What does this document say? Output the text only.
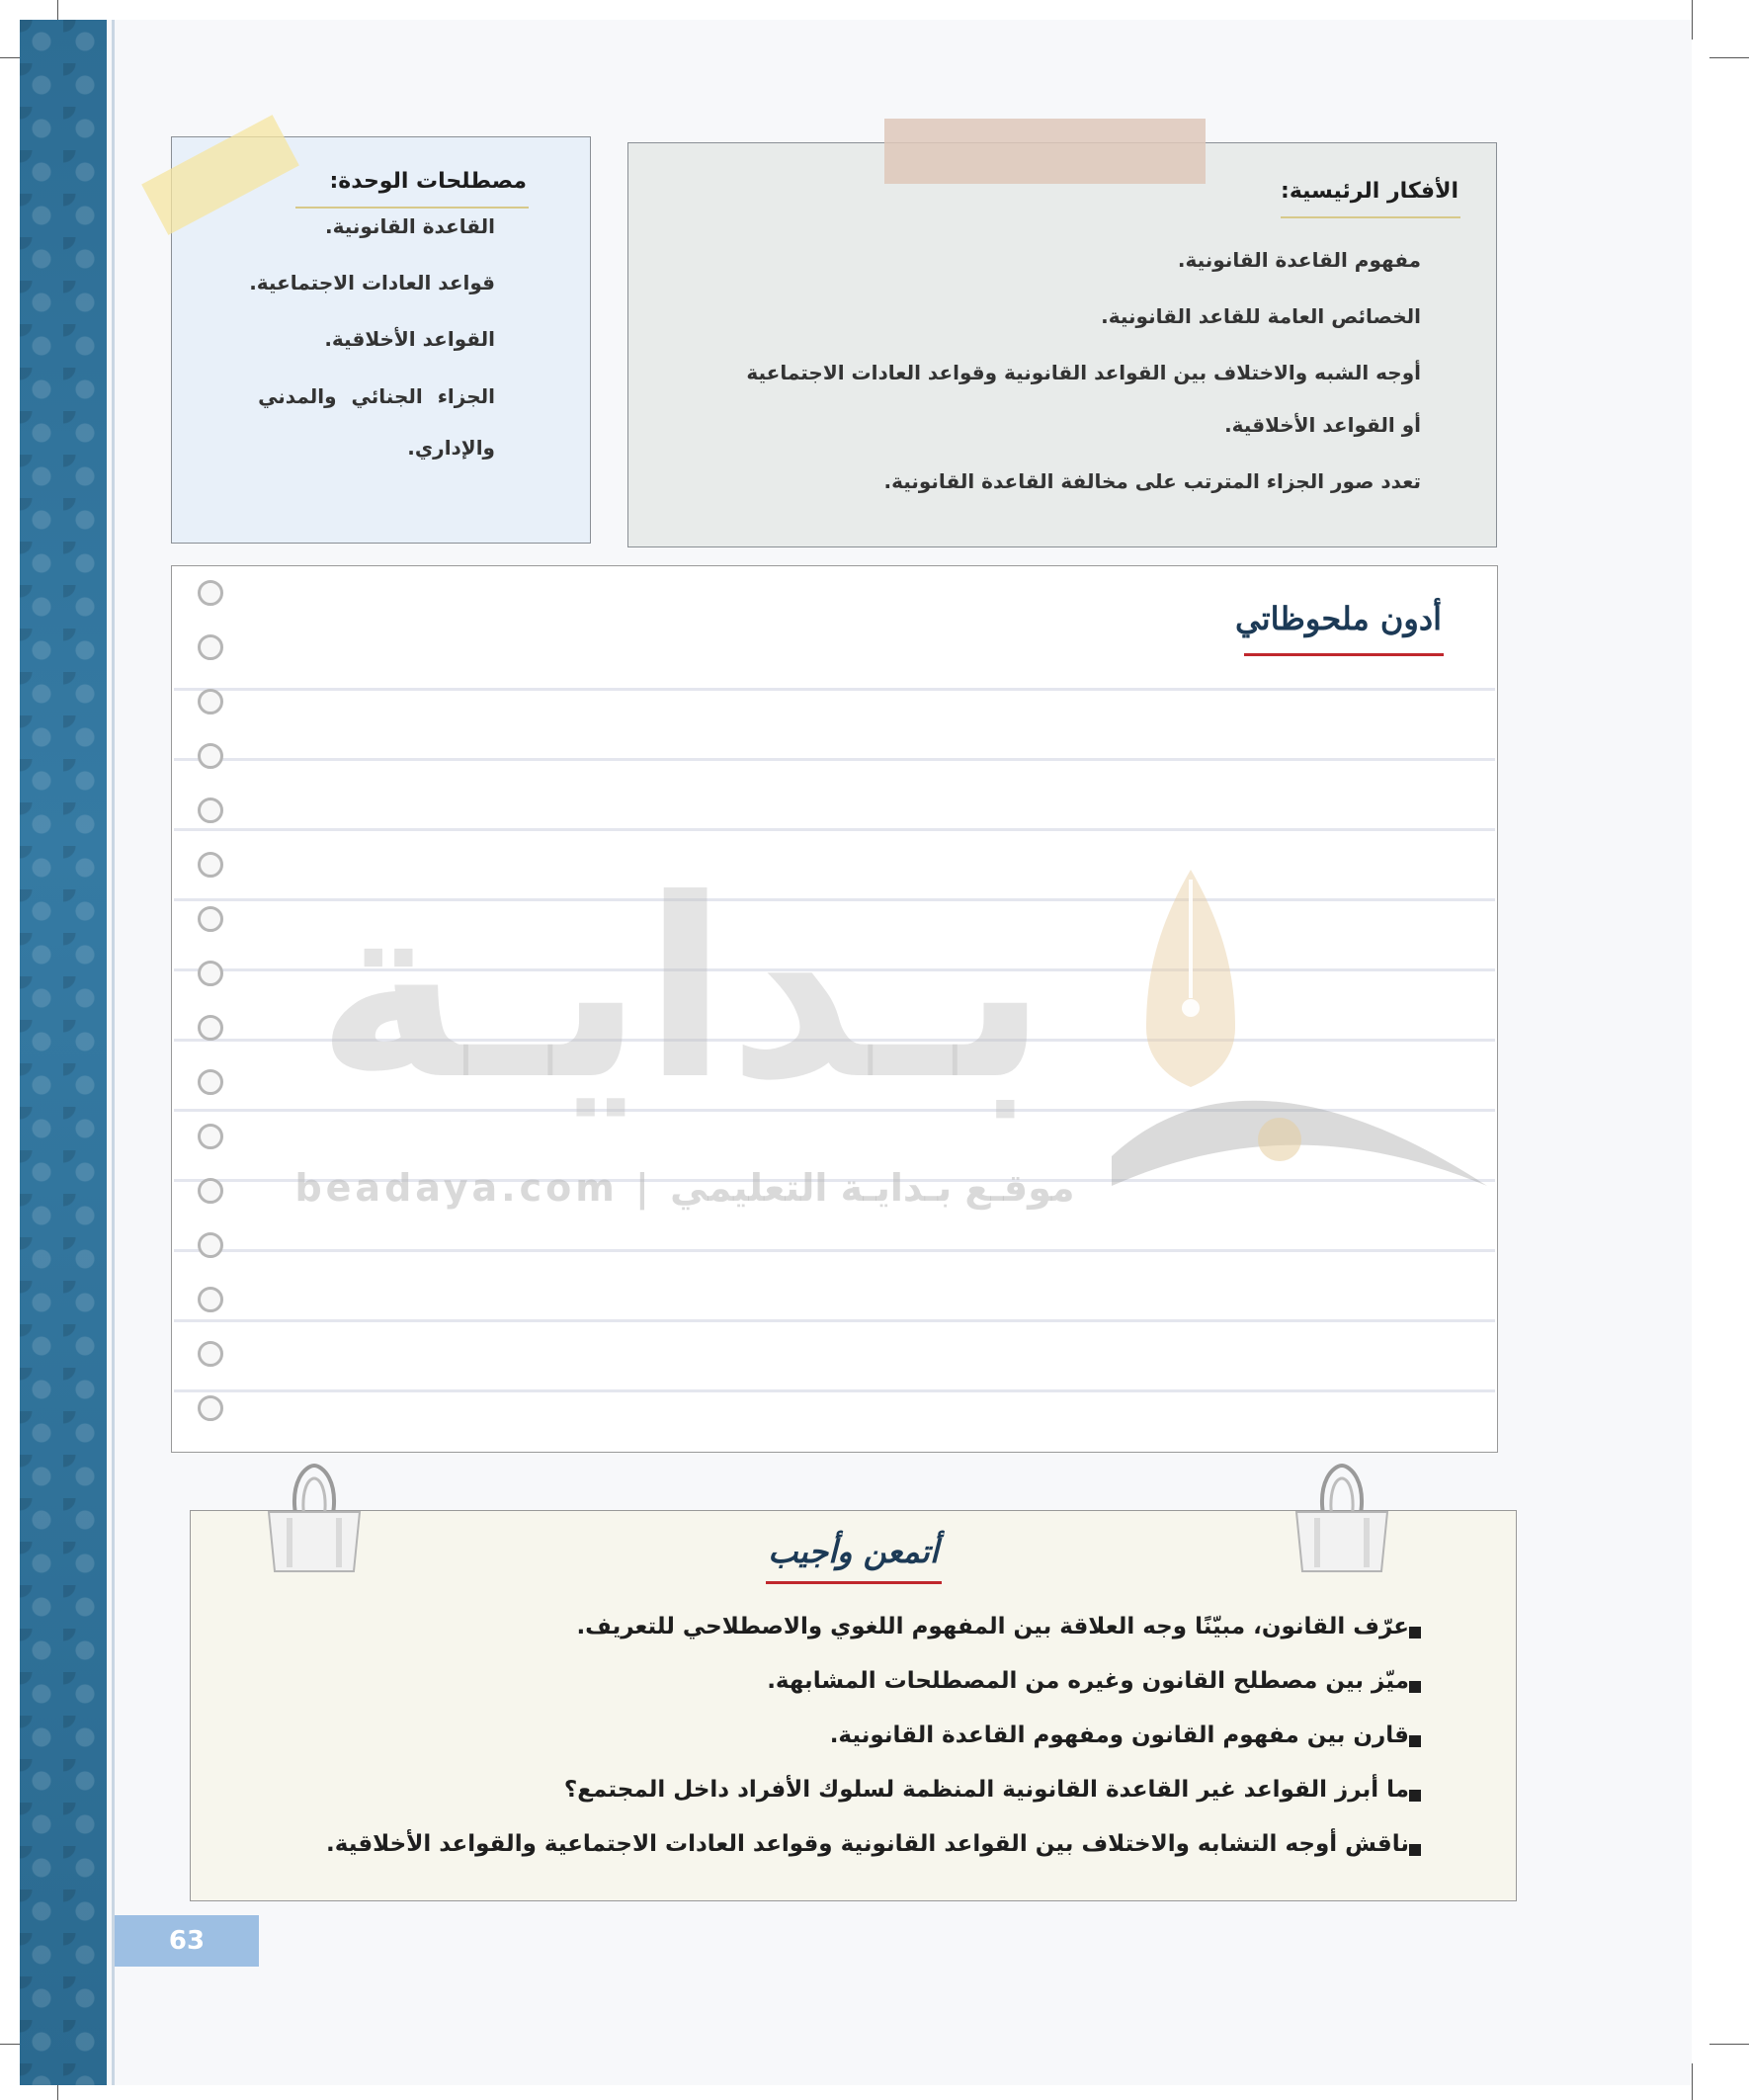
مصطلحات الوحدة:
القاعدة القانونية.
قواعد العادات الاجتماعية.
القواعد الأخلاقية.
الجزاء الجنائي والمدني
والإداري.
الأفكار الرئيسية:
مفهوم القاعدة القانونية.
الخصائص العامة للقاعد القانونية.
أوجه الشبه والاختلاف بين القواعد القانونية وقواعد العادات الاجتماعية
أو القواعد الأخلاقية.
تعدد صور الجزاء المترتب على مخالفة القاعدة القانونية.
أدون ملحوظاتي
بـدايـة
beadaya.com | موقـع بـدايـة التعليمي
أتمعن وأجيب
عرّف القانون، مبيّنًا وجه العلاقة بين المفهوم اللغوي والاصطلاحي للتعريف.
ميّز بين مصطلح القانون وغيره من المصطلحات المشابهة.
قارن بين مفهوم القانون ومفهوم القاعدة القانونية.
ما أبرز القواعد غير القاعدة القانونية المنظمة لسلوك الأفراد داخل المجتمع؟
ناقش أوجه التشابه والاختلاف بين القواعد القانونية وقواعد العادات الاجتماعية والقواعد الأخلاقية.
63
